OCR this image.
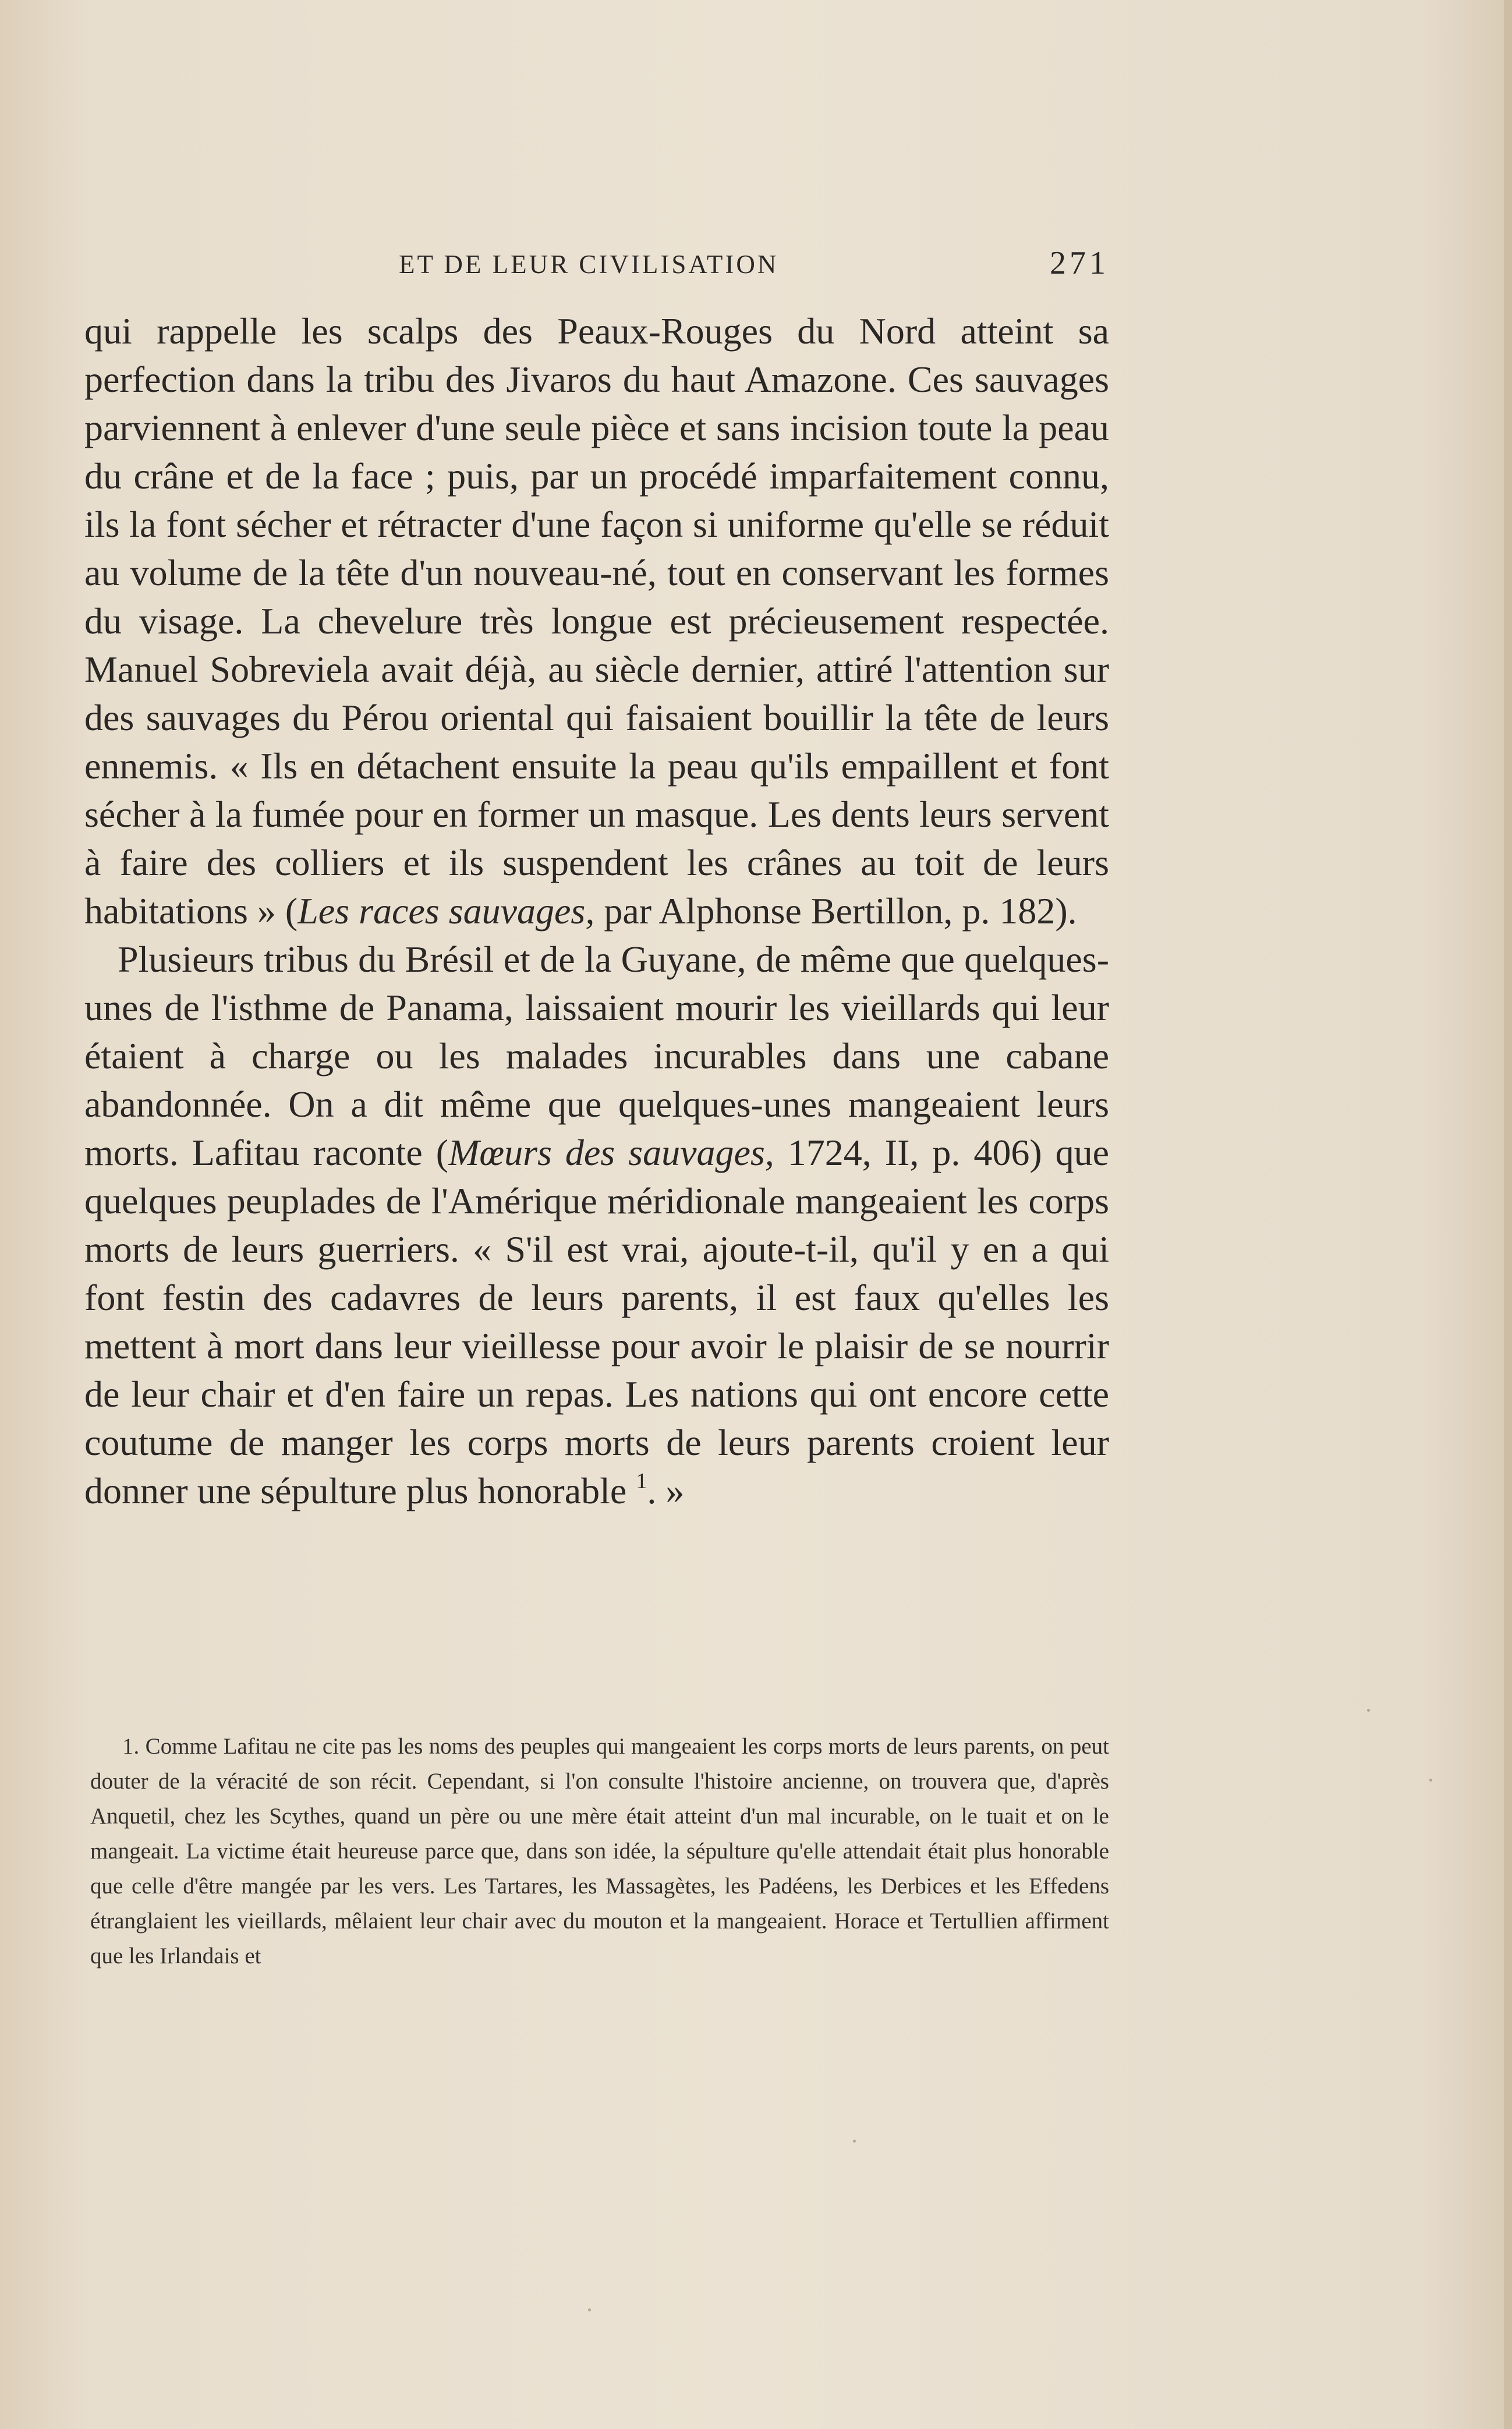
ET DE LEUR CIVILISATION	271

qui rappelle les scalps des Peaux-Rouges du Nord atteint sa perfection dans la tribu des Jivaros du haut Amazone. Ces sauvages parviennent à enlever d'une seule pièce et sans incision toute la peau du crâne et de la face ; puis, par un procédé imparfaitement connu, ils la font sécher et rétracter d'une façon si uniforme qu'elle se réduit au volume de la tête d'un nouveau-né, tout en conservant les formes du visage. La chevelure très longue est précieusement respectée. Manuel Sobreviela avait déjà, au siècle dernier, attiré l'attention sur des sauvages du Pérou oriental qui faisaient bouillir la tête de leurs ennemis. « Ils en détachent ensuite la peau qu'ils empaillent et font sécher à la fumée pour en former un masque. Les dents leurs servent à faire des colliers et ils suspendent les crânes au toit de leurs habitations » (Les races sauvages, par Alphonse Bertillon, p. 182).

Plusieurs tribus du Brésil et de la Guyane, de même que quelques-unes de l'isthme de Panama, laissaient mourir les vieillards qui leur étaient à charge ou les malades incurables dans une cabane abandonnée. On a dit même que quelques-unes mangeaient leurs morts. Lafitau raconte (Mœurs des sauvages, 1724, II, p. 406) que quelques peuplades de l'Amérique méridionale mangeaient les corps morts de leurs guerriers. « S'il est vrai, ajoute-t-il, qu'il y en a qui font festin des cadavres de leurs parents, il est faux qu'elles les mettent à mort dans leur vieillesse pour avoir le plaisir de se nourrir de leur chair et d'en faire un repas. Les nations qui ont encore cette coutume de manger les corps morts de leurs parents croient leur donner une sépulture plus honorable $^1$. »

1. Comme Lafitau ne cite pas les noms des peuples qui mangeaient les corps morts de leurs parents, on peut douter de la véracité de son récit. Cependant, si l'on consulte l'histoire ancienne, on trouvera que, d'après Anquetil, chez les Scythes, quand un père ou une mère était atteint d'un mal incurable, on le tuait et on le mangeait. La victime était heureuse parce que, dans son idée, la sépulture qu'elle attendait était plus honorable que celle d'être mangée par les vers. Les Tartares, les Massagètes, les Padéens, les Derbices et les Effedens étranglaient les vieillards, mêlaient leur chair avec du mouton et la mangeaient. Horace et Tertullien affirment que les Irlandais et
